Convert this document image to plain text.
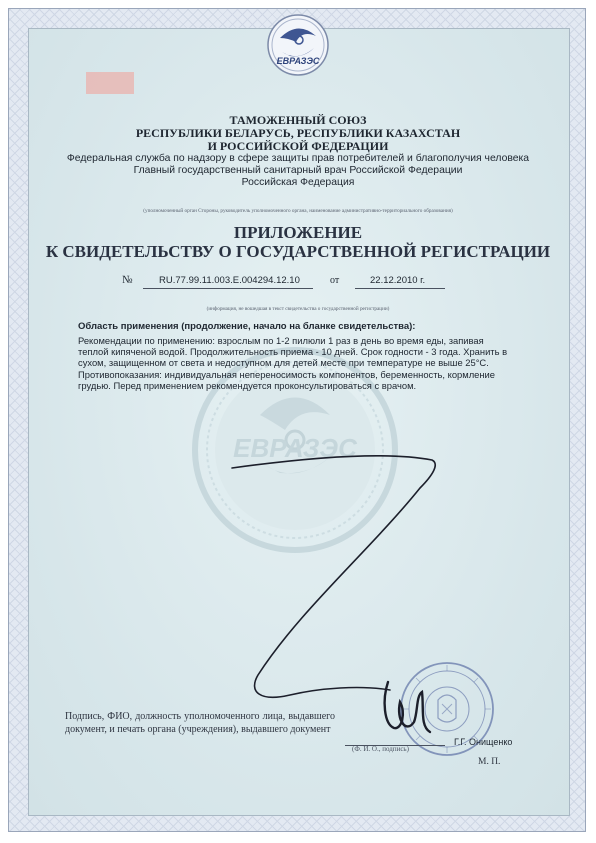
ЕВРАЗЭС
ЕВРАЗЭС
ТАМОЖЕННЫЙ СОЮЗ
РЕСПУБЛИКИ БЕЛАРУСЬ, РЕСПУБЛИКИ КАЗАХСТАН
И РОССИЙСКОЙ ФЕДЕРАЦИИ
Федеральная служба по надзору в сфере защиты прав потребителей и благополучия человека
Главный государственный санитарный врач Российской Федерации
Российская Федерация
(уполномоченный орган Стороны, руководитель уполномоченного органа, наименование административно-территориального образования)
ПРИЛОЖЕНИЕ
К СВИДЕТЕЛЬСТВУ О ГОСУДАРСТВЕННОЙ РЕГИСТРАЦИИ
№	RU.77.99.11.003.E.004294.12.10	от	22.12.2010 г.
(информация, не вошедшая в текст свидетельства о государственной регистрации)
Область применения (продолжение, начало на бланке свидетельства):
Рекомендации по применению: взрослым по 1-2 пилюли 1 раз в день во время еды, запивая
теплой кипяченой водой. Продолжительность приема - 10 дней. Срок годности - 3 года. Хранить в
сухом, защищенном от света и недоступном для детей месте при температуре не выше 25°С.
Противопоказания: индивидуальная непереносимость компонентов, беременность, кормление
грудью. Перед применением рекомендуется проконсультироваться с врачом.
Подпись, ФИО, должность уполномоченного лица, выдавшего документ, и печать органа (учреждения), выдавшего документ
(Ф. И. О., подпись)
Г.Г. Онищенко
М. П.
